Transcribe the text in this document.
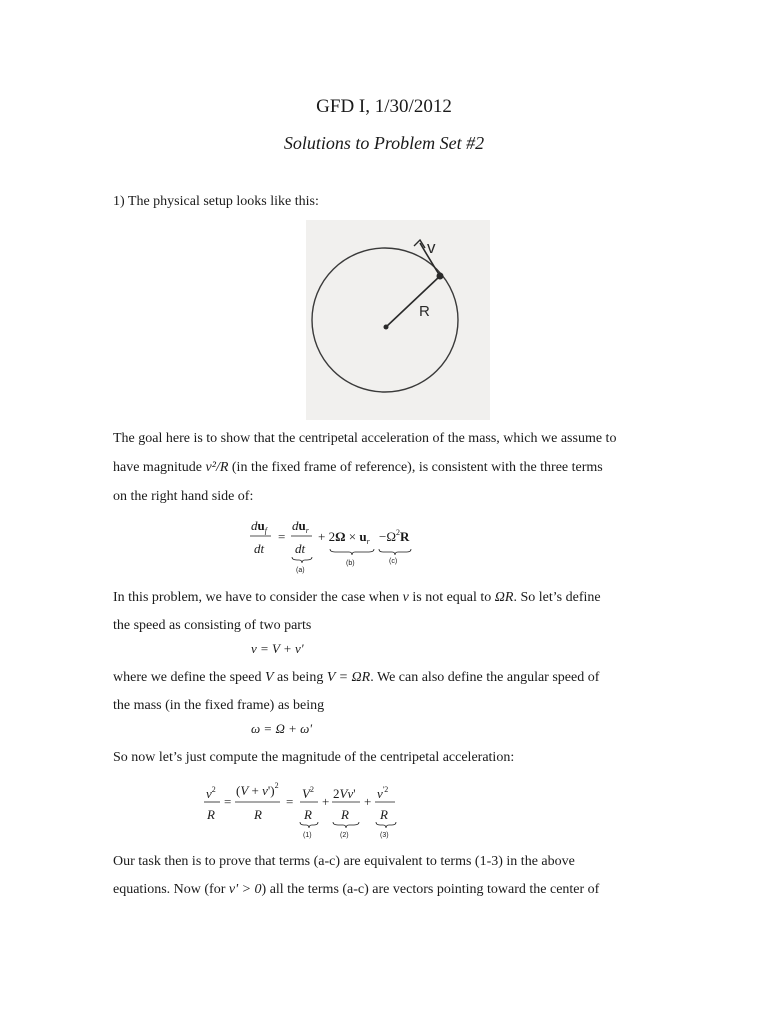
GFD I, 1/30/2012
Solutions to Problem Set #2
1) The physical setup looks like this:
v
R
The goal here is to show that the centripetal acceleration of the mass, which we assume to
have magnitude v²/R (in the fixed frame of reference), is consistent with the three terms
on the right hand side of:
$du_f$
dt
=
$du_r$
dt
+ $2\Omega \times u_r -\Omega^2R$
(a)
(b)	(c)
In this problem, we have to consider the case when v is not equal to ΩR. So let’s define
the speed as consisting of two parts
v = V + v'
where we define the speed V as being V = ΩR. We can also define the angular speed of
the mass (in the fixed frame) as being
ω = Ω + ω'
So now let’s just compute the magnitude of the centripetal acceleration:
$v^2$
R
=
$(V + v')^2$
R
=
$V^2$
R
+
2Vv'
R
+
$v^{'2}$
R
(1)	(2)	(3)
Our task then is to prove that terms (a-c) are equivalent to terms (1-3) in the above
equations. Now (for v' > 0) all the terms (a-c) are vectors pointing toward the center of
